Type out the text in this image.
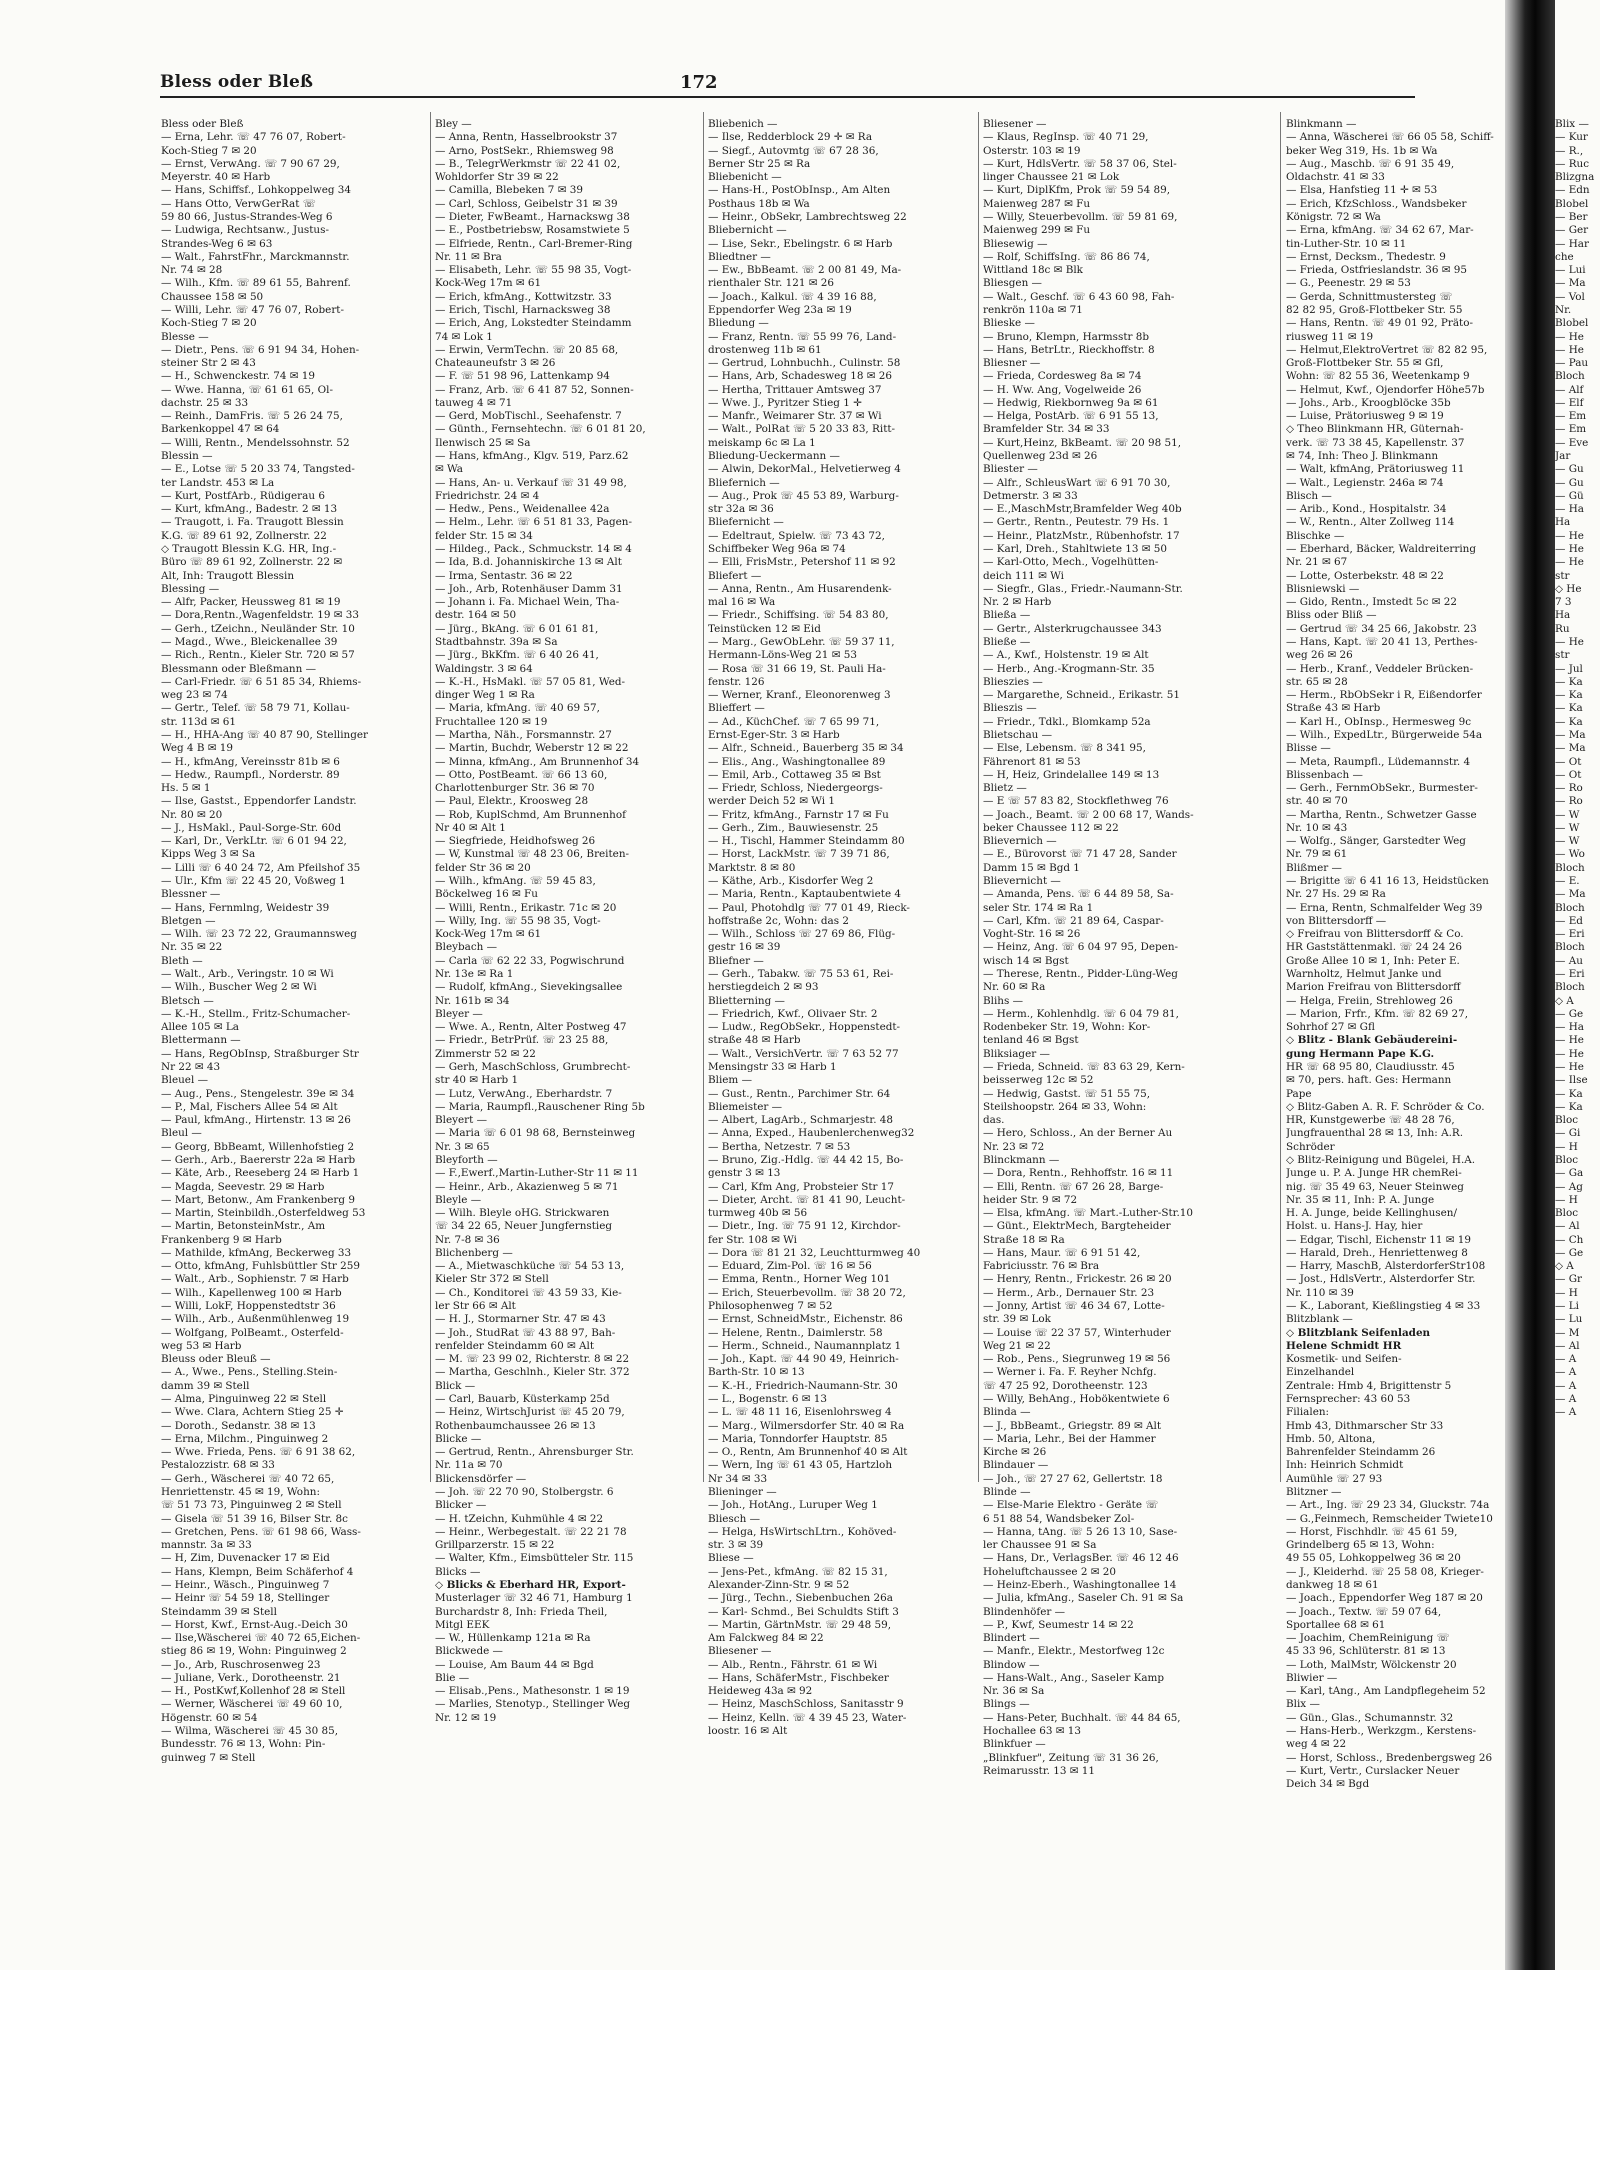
Bless oder Bleß	172
Bless oder Bleß
— Erna, Lehr. ☏ 47 76 07, Robert-
Koch-Stieg 7 ✉ 20
— Ernst, VerwAng. ☏ 7 90 67 29,
Meyerstr. 40 ✉ Harb
— Hans, Schiffsf., Lohkoppelweg 34
— Hans Otto, VerwGerRat ☏
59 80 66, Justus-Strandes-Weg 6
— Ludwiga, Rechtsanw., Justus-
Strandes-Weg 6 ✉ 63
— Walt., FahrstFhr., Marckmannstr.
Nr. 74 ✉ 28
— Wilh., Kfm. ☏ 89 61 55, Bahrenf.
Chaussee 158 ✉ 50
— Willi, Lehr. ☏ 47 76 07, Robert-
Koch-Stieg 7 ✉ 20
Blesse —
— Dietr., Pens. ☏ 6 91 94 34, Hohen-
steiner Str 2 ✉ 43
— H., Schwenckestr. 74 ✉ 19
— Wwe. Hanna, ☏ 61 61 65, Ol-
dachstr. 25 ✉ 33
— Reinh., DamFris. ☏ 5 26 24 75,
Barkenkoppel 47 ✉ 64
— Willi, Rentn., Mendelssohnstr. 52
Blessin —
— E., Lotse ☏ 5 20 33 74, Tangsted-
ter Landstr. 453 ✉ La
— Kurt, PostfArb., Rüdigerau 6
— Kurt, kfmAng., Badestr. 2 ✉ 13
— Traugott, i. Fa. Traugott Blessin
K.G. ☏ 89 61 92, Zollnerstr. 22
◇ Traugott Blessin K.G. HR, Ing.-
Büro ☏ 89 61 92, Zollnerstr. 22 ✉
Alt, Inh: Traugott Blessin
Blessing —
— Alfr, Packer, Heussweg 81 ✉ 19
— Dora,Rentn.,Wagenfeldstr. 19 ✉ 33
— Gerh., tZeichn., Neuländer Str. 10
— Magd., Wwe., Bleickenallee 39
— Rich., Rentn., Kieler Str. 720 ✉ 57
Blessmann oder Bleßmann —
— Carl-Friedr. ☏ 6 51 85 34, Rhiems-
weg 23 ✉ 74
— Gertr., Telef. ☏ 58 79 71, Kollau-
str. 113d ✉ 61
— H., HHA-Ang ☏ 40 87 90, Stellinger
Weg 4 B ✉ 19
— H., kfmAng, Vereinsstr 81b ✉ 6
— Hedw., Raumpfl., Norderstr. 89
Hs. 5 ✉ 1
— Ilse, Gastst., Eppendorfer Landstr.
Nr. 80 ✉ 20
— J., HsMakl., Paul-Sorge-Str. 60d
— Karl, Dr., VerkLtr. ☏ 6 01 94 22,
Kipps Weg 3 ✉ Sa
— Lilli ☏ 6 40 24 72, Am Pfeilshof 35
— Ulr., Kfm ☏ 22 45 20, Voßweg 1
Blessner —
— Hans, Fernmlng, Weidestr 39
Bletgen —
— Wilh. ☏ 23 72 22, Graumannsweg
Nr. 35 ✉ 22
Bleth —
— Walt., Arb., Veringstr. 10 ✉ Wi
— Wilh., Buscher Weg 2 ✉ Wi
Bletsch —
— K.-H., Stellm., Fritz-Schumacher-
Allee 105 ✉ La
Blettermann —
— Hans, RegObInsp, Straßburger Str
Nr 22 ✉ 43
Bleuel —
— Aug., Pens., Stengelestr. 39e ✉ 34
— P., Mal, Fischers Allee 54 ✉ Alt
— Paul, kfmAng., Hirtenstr. 13 ✉ 26
Bleul —
— Georg, BbBeamt, Willenhofstieg 2
— Gerh., Arb., Baererstr 22a ✉ Harb
— Käte, Arb., Reeseberg 24 ✉ Harb 1
— Magda, Seevestr. 29 ✉ Harb
— Mart, Betonw., Am Frankenberg 9
— Martin, Steinbildh.,Osterfeldweg 53
— Martin, BetonsteinMstr., Am
Frankenberg 9 ✉ Harb
— Mathilde, kfmAng, Beckerweg 33
— Otto, kfmAng, Fuhlsbüttler Str 259
— Walt., Arb., Sophienstr. 7 ✉ Harb
— Wilh., Kapellenweg 100 ✉ Harb
— Willi, LokF, Hoppenstedtstr 36
— Wilh., Arb., Außenmühlenweg 19
— Wolfgang, PolBeamt., Osterfeld-
weg 53 ✉ Harb
Bleuss oder Bleuß —
— A., Wwe., Pens., Stelling.Stein-
damm 39 ✉ Stell
— Alma, Pinguinweg 22 ✉ Stell
— Wwe. Clara, Achtern Stieg 25 ✛
— Doroth., Sedanstr. 38 ✉ 13
— Erna, Milchm., Pinguinweg 2
— Wwe. Frieda, Pens. ☏ 6 91 38 62,
Pestalozzistr. 68 ✉ 33
— Gerh., Wäscherei ☏ 40 72 65,
Henriettenstr. 45 ✉ 19, Wohn:
☏ 51 73 73, Pinguinweg 2 ✉ Stell
— Gisela ☏ 51 39 16, Bilser Str. 8c
— Gretchen, Pens. ☏ 61 98 66, Wass-
mannstr. 3a ✉ 33
— H, Zim, Duvenacker 17 ✉ Eid
— Hans, Klempn, Beim Schäferhof 4
— Heinr., Wäsch., Pinguinweg 7
— Heinr ☏ 54 59 18, Stellinger
Steindamm 39 ✉ Stell
— Horst, Kwf., Ernst-Aug.-Deich 30
— Ilse,Wäscherei ☏ 40 72 65,Eichen-
stieg 86 ✉ 19, Wohn: Pinguinweg 2
— Jo., Arb, Ruschrosenweg 23
— Juliane, Verk., Dorotheenstr. 21
— H., PostKwf,Kollenhof 28 ✉ Stell
— Werner, Wäscherei ☏ 49 60 10,
Högenstr. 60 ✉ 54
— Wilma, Wäscherei ☏ 45 30 85,
Bundesstr. 76 ✉ 13, Wohn: Pin-
guinweg 7 ✉ Stell
Bley —
— Anna, Rentn, Hasselbrookstr 37
— Arno, PostSekr., Rhiemsweg 98
— B., TelegrWerkmstr ☏ 22 41 02,
Wohldorfer Str 39 ✉ 22
— Camilla, Blebeken 7 ✉ 39
— Carl, Schloss, Geibelstr 31 ✉ 39
— Dieter, FwBeamt., Harnackswg 38
— E., Postbetriebsw, Rosamstwiete 5
— Elfriede, Rentn., Carl-Bremer-Ring
Nr. 11 ✉ Bra
— Elisabeth, Lehr. ☏ 55 98 35, Vogt-
Kock-Weg 17m ✉ 61
— Erich, kfmAng., Kottwitzstr. 33
— Erich, Tischl, Harnacksweg 38
— Erich, Ang, Lokstedter Steindamm
74 ✉ Lok 1
— Erwin, VermTechn. ☏ 20 85 68,
Chateauneufstr 3 ✉ 26
— F. ☏ 51 98 96, Lattenkamp 94
— Franz, Arb. ☏ 6 41 87 52, Sonnen-
tauweg 4 ✉ 71
— Gerd, MobTischl., Seehafenstr. 7
— Günth., Fernsehtechn. ☏ 6 01 81 20,
Ilenwisch 25 ✉ Sa
— Hans, kfmAng., Klgv. 519, Parz.62
✉ Wa
— Hans, An- u. Verkauf ☏ 31 49 98,
Friedrichstr. 24 ✉ 4
— Hedw., Pens., Weidenallee 42a
— Helm., Lehr. ☏ 6 51 81 33, Pagen-
felder Str. 15 ✉ 34
— Hildeg., Pack., Schmuckstr. 14 ✉ 4
— Ida, B.d. Johanniskirche 13 ✉ Alt
— Irma, Sentastr. 36 ✉ 22
— Joh., Arb, Rotenhäuser Damm 31
— Johann i. Fa. Michael Wein, Tha-
destr. 164 ✉ 50
— Jürg., BkAng. ☏ 6 01 61 81,
Stadtbahnstr. 39a ✉ Sa
— Jürg., BkKfm. ☏ 6 40 26 41,
Waldingstr. 3 ✉ 64
— K.-H., HsMakl. ☏ 57 05 81, Wed-
dinger Weg 1 ✉ Ra
— Maria, kfmAng. ☏ 40 69 57,
Fruchtallee 120 ✉ 19
— Martha, Näh., Forsmannstr. 27
— Martin, Buchdr, Weberstr 12 ✉ 22
— Minna, kfmAng., Am Brunnenhof 34
— Otto, PostBeamt. ☏ 66 13 60,
Charlottenburger Str. 36 ✉ 70
— Paul, Elektr., Kroosweg 28
— Rob, KuplSchmd, Am Brunnenhof
Nr 40 ✉ Alt 1
— Siegfriede, Heidhofsweg 26
— W, Kunstmal ☏ 48 23 06, Breiten-
felder Str 36 ✉ 20
— Wilh., kfmAng. ☏ 59 45 83,
Böckelweg 16 ✉ Fu
— Willi, Rentn., Erikastr. 71c ✉ 20
— Willy, Ing. ☏ 55 98 35, Vogt-
Kock-Weg 17m ✉ 61
Bleybach —
— Carla ☏ 62 22 33, Pogwischrund
Nr. 13e ✉ Ra 1
— Rudolf, kfmAng., Sievekingsallee
Nr. 161b ✉ 34
Bleyer —
— Wwe. A., Rentn, Alter Postweg 47
— Friedr., BetrPrüf. ☏ 23 25 88,
Zimmerstr 52 ✉ 22
— Gerh, MaschSchloss, Grumbrecht-
str 40 ✉ Harb 1
— Lutz, VerwAng., Eberhardstr. 7
— Maria, Raumpfl.,Rauschener Ring 5b
Bleyert —
— Maria ☏ 6 01 98 68, Bernsteinweg
Nr. 3 ✉ 65
Bleyforth —
— F.,Ewerf.,Martin-Luther-Str 11 ✉ 11
— Heinr., Arb., Akazienweg 5 ✉ 71
Bleyle —
— Wilh. Bleyle oHG. Strickwaren
☏ 34 22 65, Neuer Jungfernstieg
Nr. 7-8 ✉ 36
Blichenberg —
— A., Mietwaschküche ☏ 54 53 13,
Kieler Str 372 ✉ Stell
— Ch., Konditorei ☏ 43 59 33, Kie-
ler Str 66 ✉ Alt
— H. J., Stormarner Str. 47 ✉ 43
— Joh., StudRat ☏ 43 88 97, Bah-
renfelder Steindamm 60 ✉ Alt
— M. ☏ 23 99 02, Richterstr. 8 ✉ 22
— Martha, Geschlnh., Kieler Str. 372
Blick —
— Carl, Bauarb, Küsterkamp 25d
— Heinz, WirtschJurist ☏ 45 20 79,
Rothenbaumchaussee 26 ✉ 13
Blicke —
— Gertrud, Rentn., Ahrensburger Str.
Nr. 11a ✉ 70
Blickensdörfer —
— Joh. ☏ 22 70 90, Stolbergstr. 6
Blicker —
— H. tZeichn, Kuhmühle 4 ✉ 22
— Heinr., Werbegestalt. ☏ 22 21 78
Grillparzerstr. 15 ✉ 22
— Walter, Kfm., Eimsbütteler Str. 115
Blicks —
◇ Blicks & Eberhard HR, Export-
Musterlager ☏ 32 46 71, Hamburg 1
Burchardstr 8, Inh: Frieda Theil,
Mitgl EEK
— W., Hüllenkamp 121a ✉ Ra
Blickwede —
— Louise, Am Baum 44 ✉ Bgd
Blie —
— Elisab.,Pens., Mathesonstr. 1 ✉ 19
— Marlies, Stenotyp., Stellinger Weg
Nr. 12 ✉ 19
Bliebenich —
— Ilse, Redderblock 29 ✛ ✉ Ra
— Siegf., Autovmtg ☏ 67 28 36,
Berner Str 25 ✉ Ra
Bliebenicht —
— Hans-H., PostObInsp., Am Alten
Posthaus 18b ✉ Wa
— Heinr., ObSekr, Lambrechtsweg 22
Bliebernicht —
— Lise, Sekr., Ebelingstr. 6 ✉ Harb
Bliedtner —
— Ew., BbBeamt. ☏ 2 00 81 49, Ma-
rienthaler Str. 121 ✉ 26
— Joach., Kalkul. ☏ 4 39 16 88,
Eppendorfer Weg 23a ✉ 19
Bliedung —
— Franz, Rentn. ☏ 55 99 76, Land-
drostenweg 11b ✉ 61
— Gertrud, Lohnbuchh., Culinstr. 58
— Hans, Arb, Schadesweg 18 ✉ 26
— Hertha, Trittauer Amtsweg 37
— Wwe. J., Pyritzer Stieg 1 ✛
— Manfr., Weimarer Str. 37 ✉ Wi
— Walt., PolRat ☏ 5 20 33 83, Ritt-
meiskamp 6c ✉ La 1
Bliedung-Ueckermann —
— Alwin, DekorMal., Helvetierweg 4
Bliefernich —
— Aug., Prok ☏ 45 53 89, Warburg-
str 32a ✉ 36
Bliefernicht —
— Edeltraut, Spielw. ☏ 73 43 72,
Schiffbeker Weg 96a ✉ 74
— Elli, FrisMstr., Petershof 11 ✉ 92
Bliefert —
— Anna, Rentn., Am Husarendenk-
mal 16 ✉ Wa
— Friedr., Schiffsing. ☏ 54 83 80,
Teinstücken 12 ✉ Eid
— Marg., GewObLehr. ☏ 59 37 11,
Hermann-Löns-Weg 21 ✉ 53
— Rosa ☏ 31 66 19, St. Pauli Ha-
fenstr. 126
— Werner, Kranf., Eleonorenweg 3
Blieffert —
— Ad., KüchChef. ☏ 7 65 99 71,
Ernst-Eger-Str. 3 ✉ Harb
— Alfr., Schneid., Bauerberg 35 ✉ 34
— Elis., Ang., Washingtonallee 89
— Emil, Arb., Cottaweg 35 ✉ Bst
— Friedr, Schloss, Niedergeorgs-
werder Deich 52 ✉ Wi 1
— Fritz, kfmAng., Farnstr 17 ✉ Fu
— Gerh., Zim., Bauwiesenstr. 25
— H., Tischl, Hammer Steindamm 80
— Horst, LackMstr. ☏ 7 39 71 86,
Marktstr. 8 ✉ 80
— Käthe, Arb., Kisdorfer Weg 2
— Maria, Rentn., Kaptaubentwiete 4
— Paul, Photohdlg ☏ 77 01 49, Rieck-
hoffstraße 2c, Wohn: das 2
— Wilh., Schloss ☏ 27 69 86, Flüg-
gestr 16 ✉ 39
Bliefner —
— Gerh., Tabakw. ☏ 75 53 61, Rei-
herstiegdeich 2 ✉ 93
Blietterning —
— Friedrich, Kwf., Olivaer Str. 2
— Ludw., RegObSekr., Hoppenstedt-
straße 48 ✉ Harb
— Walt., VersichVertr. ☏ 7 63 52 77
Mensingstr 33 ✉ Harb 1
Bliem —
— Gust., Rentn., Parchimer Str. 64
Bliemeister —
— Albert, LagArb., Schmarjestr. 48
— Anna, Exped., Haubenlerchenweg32
— Bertha, Netzestr. 7 ✉ 53
— Bruno, Zig.-Hdlg. ☏ 44 42 15, Bo-
genstr 3 ✉ 13
— Carl, Kfm Ang, Probsteier Str 17
— Dieter, Archt. ☏ 81 41 90, Leucht-
turmweg 40b ✉ 56
— Dietr., Ing. ☏ 75 91 12, Kirchdor-
fer Str. 108 ✉ Wi
— Dora ☏ 81 21 32, Leuchtturmweg 40
— Eduard, Zim-Pol. ☏ 16 ✉ 56
— Emma, Rentn., Horner Weg 101
— Erich, Steuerbevollm. ☏ 38 20 72,
Philosophenweg 7 ✉ 52
— Ernst, SchneidMstr., Eichenstr. 86
— Helene, Rentn., Daimlerstr. 58
— Herm., Schneid., Naumannplatz 1
— Joh., Kapt. ☏ 44 90 49, Heinrich-
Barth-Str. 10 ✉ 13
— K.-H., Friedrich-Naumann-Str. 30
— L., Bogenstr. 6 ✉ 13
— L. ☏ 48 11 16, Eisenlohrsweg 4
— Marg., Wilmersdorfer Str. 40 ✉ Ra
— Maria, Tonndorfer Hauptstr. 85
— O., Rentn, Am Brunnenhof 40 ✉ Alt
— Wern, Ing ☏ 61 43 05, Hartzloh
Nr 34 ✉ 33
Blieninger —
— Joh., HotAng., Luruper Weg 1
Bliesch —
— Helga, HsWirtschLtrn., Kohöved-
str. 3 ✉ 39
Bliese —
— Jens-Pet., kfmAng. ☏ 82 15 31,
Alexander-Zinn-Str. 9 ✉ 52
— Jürg., Techn., Siebenbuchen 26a
— Karl- Schmd., Bei Schuldts Stift 3
— Martin, GärtnMstr. ☏ 29 48 59,
Am Falckweg 84 ✉ 22
Bliesener —
— Alb., Rentn., Fährstr. 61 ✉ Wi
— Hans, SchäferMstr., Fischbeker
Heideweg 43a ✉ 92
— Heinz, MaschSchloss, Sanitasstr 9
— Heinz, Kelln. ☏ 4 39 45 23, Water-
loostr. 16 ✉ Alt
Bliesener —
— Klaus, RegInsp. ☏ 40 71 29,
Osterstr. 103 ✉ 19
— Kurt, HdlsVertr. ☏ 58 37 06, Stel-
linger Chaussee 21 ✉ Lok
— Kurt, DiplKfm, Prok ☏ 59 54 89,
Maienweg 287 ✉ Fu
— Willy, Steuerbevollm. ☏ 59 81 69,
Maienweg 299 ✉ Fu
Bliesewig —
— Rolf, SchiffsIng. ☏ 86 86 74,
Wittland 18c ✉ Blk
Bliesgen —
— Walt., Geschf. ☏ 6 43 60 98, Fah-
renkrön 110a ✉ 71
Blieske —
— Bruno, Klempn, Harmsstr 8b
— Hans, BetrLtr., Rieckhoffstr. 8
Bliesner —
— Frieda, Cordesweg 8a ✉ 74
— H. Ww. Ang, Vogelweide 26
— Hedwig, Riekbornweg 9a ✉ 61
— Helga, PostArb. ☏ 6 91 55 13,
Bramfelder Str. 34 ✉ 33
— Kurt,Heinz, BkBeamt. ☏ 20 98 51,
Quellenweg 23d ✉ 26
Bliester —
— Alfr., SchleusWart ☏ 6 91 70 30,
Detmerstr. 3 ✉ 33
— E.,MaschMstr,Bramfelder Weg 40b
— Gertr., Rentn., Peutestr. 79 Hs. 1
— Heinr., PlatzMstr., Rübenhofstr. 17
— Karl, Dreh., Stahltwiete 13 ✉ 50
— Karl-Otto, Mech., Vogelhütten-
deich 111 ✉ Wi
— Siegfr., Glas., Friedr.-Naumann-Str.
Nr. 2 ✉ Harb
Bließa —
— Gertr., Alsterkrugchaussee 343
Bließe —
— A., Kwf., Holstenstr. 19 ✉ Alt
— Herb., Ang.-Krogmann-Str. 35
Blieszies —
— Margarethe, Schneid., Erikastr. 51
Blieszis —
— Friedr., Tdkl., Blomkamp 52a
Blietschau —
— Else, Lebensm. ☏ 8 341 95,
Fährenort 81 ✉ 53
— H, Heiz, Grindelallee 149 ✉ 13
Blietz —
— E ☏ 57 83 82, Stockflethweg 76
— Joach., Beamt. ☏ 2 00 68 17, Wands-
beker Chaussee 112 ✉ 22
Blievernich —
— E., Bürovorst ☏ 71 47 28, Sander
Damm 15 ✉ Bgd 1
Blievernicht —
— Amanda, Pens. ☏ 6 44 89 58, Sa-
seler Str. 174 ✉ Ra 1
— Carl, Kfm. ☏ 21 89 64, Caspar-
Voght-Str. 16 ✉ 26
— Heinz, Ang. ☏ 6 04 97 95, Depen-
wisch 14 ✉ Bgst
— Therese, Rentn., Pidder-Lüng-Weg
Nr. 60 ✉ Ra
Blihs —
— Herm., Kohlenhdlg. ☏ 6 04 79 81,
Rodenbeker Str. 19, Wohn: Kor-
tenland 46 ✉ Bgst
Bliksiager —
— Frieda, Schneid. ☏ 83 63 29, Kern-
beisserweg 12c ✉ 52
— Hedwig, Gastst. ☏ 51 55 75,
Steilshoopstr. 264 ✉ 33, Wohn:
das.
— Hero, Schloss., An der Berner Au
Nr. 23 ✉ 72
Blinckmann —
— Dora, Rentn., Rehhoffstr. 16 ✉ 11
— Elli, Rentn. ☏ 67 26 28, Barge-
heider Str. 9 ✉ 72
— Elsa, kfmAng. ☏ Mart.-Luther-Str.10
— Günt., ElektrMech, Bargteheider
Straße 18 ✉ Ra
— Hans, Maur. ☏ 6 91 51 42,
Fabriciusstr. 76 ✉ Bra
— Henry, Rentn., Frickestr. 26 ✉ 20
— Herm., Arb., Dernauer Str. 23
— Jonny, Artist ☏ 46 34 67, Lotte-
str. 39 ✉ Lok
— Louise ☏ 22 37 57, Winterhuder
Weg 21 ✉ 22
— Rob., Pens., Siegrunweg 19 ✉ 56
— Werner i. Fa. F. Reyher Nchfg.
☏ 47 25 92, Dorotheenstr. 123
— Willy, BehAng., Hobökentwiete 6
Blinda —
— J., BbBeamt., Griegstr. 89 ✉ Alt
— Maria, Lehr., Bei der Hammer
Kirche ✉ 26
Blindauer —
— Joh., ☏ 27 27 62, Gellertstr. 18
Blinde —
— Else-Marie Elektro - Geräte ☏
6 51 88 54, Wandsbeker Zol-
— Hanna, tAng. ☏ 5 26 13 10, Sase-
ler Chaussee 91 ✉ Sa
— Hans, Dr., VerlagsBer. ☏ 46 12 46
Hoheluftchaussee 2 ✉ 20
— Heinz-Eberh., Washingtonallee 14
— Julia, kfmAng., Saseler Ch. 91 ✉ Sa
Blindenhöfer —
— P., Kwf, Seumestr 14 ✉ 22
Blindert —
— Manfr., Elektr., Mestorfweg 12c
Blindow —
— Hans-Walt., Ang., Saseler Kamp
Nr. 36 ✉ Sa
Blings —
— Hans-Peter, Buchhalt. ☏ 44 84 65,
Hochallee 63 ✉ 13
Blinkfuer —
„Blinkfuer", Zeitung ☏ 31 36 26,
Reimarusstr. 13 ✉ 11
Blinkmann —
— Anna, Wäscherei ☏ 66 05 58, Schiff-
beker Weg 319, Hs. 1b ✉ Wa
— Aug., Maschb. ☏ 6 91 35 49,
Oldachstr. 41 ✉ 33
— Elsa, Hanfstieg 11 ✛ ✉ 53
— Erich, KfzSchloss., Wandsbeker
Königstr. 72 ✉ Wa
— Erna, kfmAng. ☏ 34 62 67, Mar-
tin-Luther-Str. 10 ✉ 11
— Ernst, Decksm., Thedestr. 9
— Frieda, Ostfrieslandstr. 36 ✉ 95
— G., Peenestr. 29 ✉ 53
— Gerda, Schnittmustersteg ☏
82 82 95, Groß-Flottbeker Str. 55
— Hans, Rentn. ☏ 49 01 92, Präto-
riusweg 11 ✉ 19
— Helmut,ElektroVertret ☏ 82 82 95,
Groß-Flottbeker Str. 55 ✉ Gfl,
Wohn: ☏ 82 55 36, Weetenkamp 9
— Helmut, Kwf., Ojendorfer Höhe57b
— Johs., Arb., Kroogblöcke 35b
— Luise, Prätoriusweg 9 ✉ 19
◇ Theo Blinkmann HR, Güternah-
verk. ☏ 73 38 45, Kapellenstr. 37
✉ 74, Inh: Theo J. Blinkmann
— Walt, kfmAng, Prätoriusweg 11
— Walt., Legienstr. 246a ✉ 74
Blisch —
— Arib., Kond., Hospitalstr. 34
— W., Rentn., Alter Zollweg 114
Blischke —
— Eberhard, Bäcker, Waldreiterring
Nr. 21 ✉ 67
— Lotte, Osterbekstr. 48 ✉ 22
Blisniewski —
— Gido, Rentn., Imstedt 5c ✉ 22
Bliss oder Bliß —
— Gertrud ☏ 34 25 66, Jakobstr. 23
— Hans, Kapt. ☏ 20 41 13, Perthes-
weg 26 ✉ 26
— Herb., Kranf., Veddeler Brücken-
str. 65 ✉ 28
— Herm., RbObSekr i R, Eißendorfer
Straße 43 ✉ Harb
— Karl H., ObInsp., Hermesweg 9c
— Wilh., ExpedLtr., Bürgerweide 54a
Blisse —
— Meta, Raumpfl., Lüdemannstr. 4
Blissenbach —
— Gerh., FernmObSekr., Burmester-
str. 40 ✉ 70
— Martha, Rentn., Schwetzer Gasse
Nr. 10 ✉ 43
— Wolfg., Sänger, Garstedter Weg
Nr. 79 ✉ 61
Blißmer —
— Brigitte ☏ 6 41 16 13, Heidstücken
Nr. 27 Hs. 29 ✉ Ra
— Erna, Rentn, Schmalfelder Weg 39
von Blittersdorff —
◇ Freifrau von Blittersdorff & Co.
HR Gaststättenmakl. ☏ 24 24 26
Große Allee 10 ✉ 1, Inh: Peter E.
Warnholtz, Helmut Janke und
Marion Freifrau von Blittersdorff
— Helga, Freiin, Strehloweg 26
— Marion, Frfr., Kfm. ☏ 82 69 27,
Sohrhof 27 ✉ Gfl
◇ Blitz - Blank Gebäudereini-
gung Hermann Pape K.G.
HR ☏ 68 95 80, Claudiusstr. 45
✉ 70, pers. haft. Ges: Hermann
Pape
◇ Blitz-Gaben A. R. F. Schröder & Co.
HR, Kunstgewerbe ☏ 48 28 76,
Jungfrauenthal 28 ✉ 13, Inh: A.R.
Schröder
◇ Blitz-Reinigung und Bügelei, H.A.
Junge u. P. A. Junge HR chemRei-
nig. ☏ 35 49 63, Neuer Steinweg
Nr. 35 ✉ 11, Inh: P. A. Junge
H. A. Junge, beide Kellinghusen/
Holst. u. Hans-J. Hay, hier
— Edgar, Tischl, Eichenstr 11 ✉ 19
— Harald, Dreh., Henriettenweg 8
— Harry, MaschB, AlsterdorferStr108
— Jost., HdlsVertr., Alsterdorfer Str.
Nr. 110 ✉ 39
— K., Laborant, Kießlingstieg 4 ✉ 33
Blitzblank —
◇ Blitzblank Seifenladen
Helene Schmidt HR
Kosmetik- und Seifen-
Einzelhandel
Zentrale: Hmb 4, Brigittenstr 5
Fernsprecher: 43 60 53
Filialen:
Hmb 43, Dithmarscher Str 33
Hmb. 50, Altona,
Bahrenfelder Steindamm 26
Inh: Heinrich Schmidt
Aumühle ☏ 27 93
Blitzner —
— Art., Ing. ☏ 29 23 34, Gluckstr. 74a
— G.,Feinmech, Remscheider Twiete10
— Horst, Fischhdlr. ☏ 45 61 59,
Grindelberg 65 ✉ 13, Wohn:
49 55 05, Lohkoppelweg 36 ✉ 20
— J., Kleiderhd. ☏ 25 58 08, Krieger-
dankweg 18 ✉ 61
— Joach., Eppendorfer Weg 187 ✉ 20
— Joach., Textw. ☏ 59 07 64,
Sportallee 68 ✉ 61
— Joachim, ChemReinigung ☏
45 33 96, Schlüterstr. 81 ✉ 13
— Loth, MalMstr, Wölckenstr 20
Bliwier —
— Karl, tAng., Am Landpflegeheim 52
Blix —
— Gün., Glas., Schumannstr. 32
— Hans-Herb., Werkzgm., Kerstens-
weg 4 ✉ 22
— Horst, Schloss., Bredenbergsweg 26
— Kurt, Vertr., Curslacker Neuer
Deich 34 ✉ Bgd
Blix —
— Kur
— R.,
— Ruc
Blizgna
— Edn
Blobel
— Ber
— Ger
— Har
che
— Lui
— Ma
— Vol
Nr.
Blobel
— He
— He
— Pau
Bloch
— Alf
— Elf
— Em
— Em
— Eve
Jar
— Gu
— Gu
— Gü
— Ha
Ha
— He
— He
— He
str
◇ He
7 3
Ha
Ru
— He
str
— Jul
— Ka
— Ka
— Ka
— Ka
— Ma
— Ma
— Ot
— Ot
— Ro
— Ro
— W
— W
— W
— Wo
Bloch
— E.
— Ma
Bloch
— Ed
— Eri
Bloch
— Au
— Eri
Bloch
◇ A
— Ge
— Ha
— He
— He
— He
— Ilse
— Ka
— Ka
Bloc
— Gi
— H
Bloc
— Ga
— Ag
— H
Bloc
— Al
— Ch
— Ge
◇ A
— Gr
— H
— Li
— Lu
— M
— Al
— A
— A
— A
— A
— A
